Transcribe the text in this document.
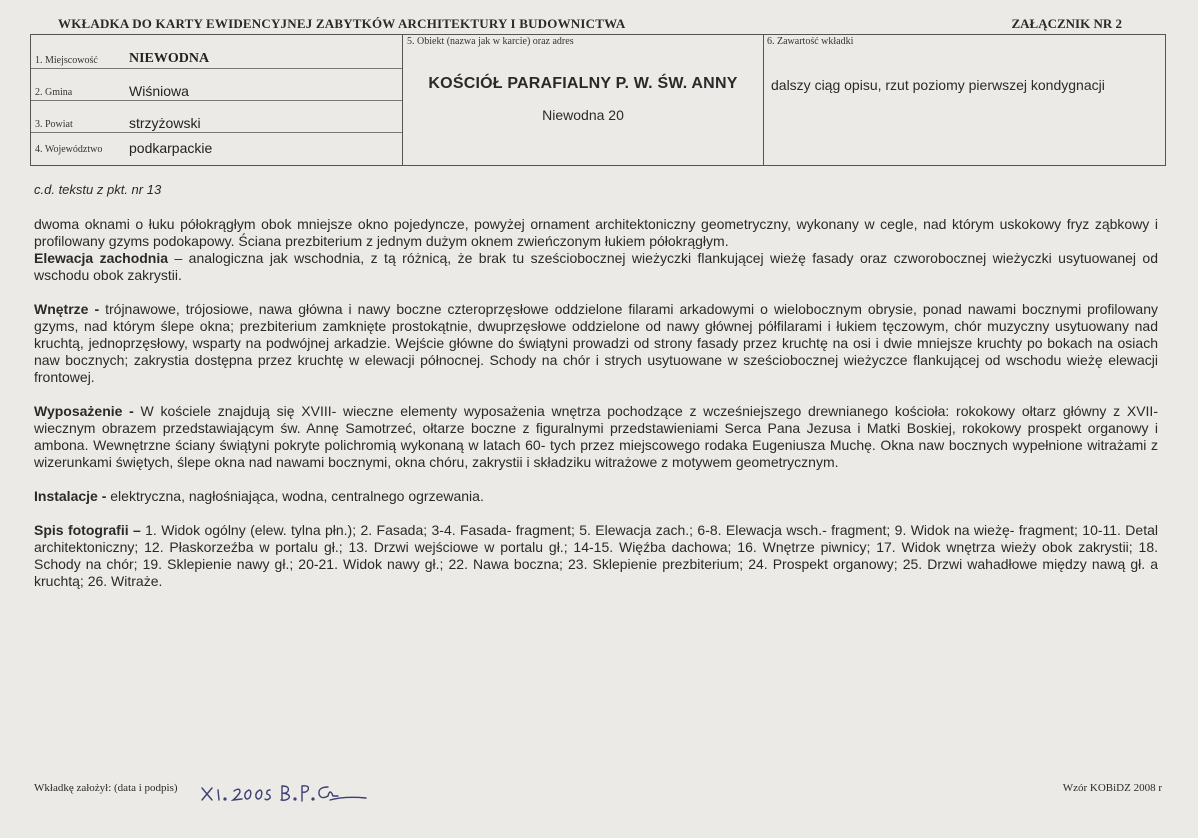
WKŁADKA DO KARTY EWIDENCYJNEJ ZABYTKÓW ARCHITEKTURY I BUDOWNICTWA	ZAŁĄCZNIK NR 2
1. Miejscowość NIEWODNA
2. Gmina	Wiśniowa
3. Powiat	strzyżowski
4. Województwo podkarpackie
5. Obiekt (nazwa jak w karcie) oraz adres
KOŚCIÓŁ PARAFIALNY P. W. ŚW. ANNY
Niewodna 20
6. Zawartość wkładki
dalszy ciąg opisu, rzut poziomy pierwszej kondygnacji
c.d. tekstu z pkt. nr 13

dwoma oknami o łuku półokrągłym obok mniejsze okno pojedyncze, powyżej ornament architektoniczny geometryczny, wykonany w cegle, nad którym uskokowy fryz ząbkowy i profilowany gzyms podokapowy. Ściana prezbiterium z jednym dużym oknem zwieńczonym łukiem półokrągłym.

Elewacja zachodnia – analogiczna jak wschodnia, z tą różnicą, że brak tu sześciobocznej wieżyczki flankującej wieżę fasady oraz czworobocznej wieżyczki usytuowanej od wschodu obok zakrystii.

Wnętrze - trójnawowe, trójosiowe, nawa główna i nawy boczne czteroprzęsłowe oddzielone filarami arkadowymi o wielobocznym obrysie, ponad nawami bocznymi profilowany gzyms, nad którym ślepe okna; prezbiterium zamknięte prostokątnie, dwuprzęsłowe oddzielone od nawy głównej półfilarami i łukiem tęczowym, chór muzyczny usytuowany nad kruchtą, jednoprzęsłowy, wsparty na podwójnej arkadzie. Wejście główne do świątyni prowadzi od strony fasady przez kruchtę na osi i dwie mniejsze kruchty po bokach na osiach naw bocznych; zakrystia dostępna przez kruchtę w elewacji północnej. Schody na chór i strych usytuowane w sześciobocznej wieżyczce flankującej od wschodu wieżę elewacji frontowej.

Wyposażenie - W kościele znajdują się XVIII- wieczne elementy wyposażenia wnętrza pochodzące z wcześniejszego drewnianego kościoła: rokokowy ołtarz główny z XVII- wiecznym obrazem przedstawiającym św. Annę Samotrzeć, ołtarze boczne z figuralnymi przedstawieniami Serca Pana Jezusa i Matki Boskiej, rokokowy prospekt organowy i ambona. Wewnętrzne ściany świątyni pokryte polichromią wykonaną w latach 60- tych przez miejscowego rodaka Eugeniusza Muchę. Okna naw bocznych wypełnione witrażami z wizerunkami świętych, ślepe okna nad nawami bocznymi, okna chóru, zakrystii i składziku witrażowe z motywem geometrycznym.

Instalacje - elektryczna, nagłośniająca, wodna, centralnego ogrzewania.

Spis fotografii – 1. Widok ogólny (elew. tylna płn.); 2. Fasada; 3-4. Fasada- fragment; 5. Elewacja zach.; 6-8. Elewacja wsch.- fragment; 9. Widok na wieżę- fragment; 10-11. Detal architektoniczny; 12. Płaskorzeźba w portalu gł.; 13. Drzwi wejściowe w portalu gł.; 14-15. Więźba dachowa; 16. Wnętrze piwnicy; 17. Widok wnętrza wieży obok zakrystii; 18. Schody na chór; 19. Sklepienie nawy gł.; 20-21. Widok nawy gł.; 22. Nawa boczna; 23. Sklepienie prezbiterium; 24. Prospekt organowy; 25. Drzwi wahadłowe między nawą gł. a kruchtą; 26. Witraże.

Wkładkę założył: (data i podpis)	Wzór KOBiDZ 2008 r
